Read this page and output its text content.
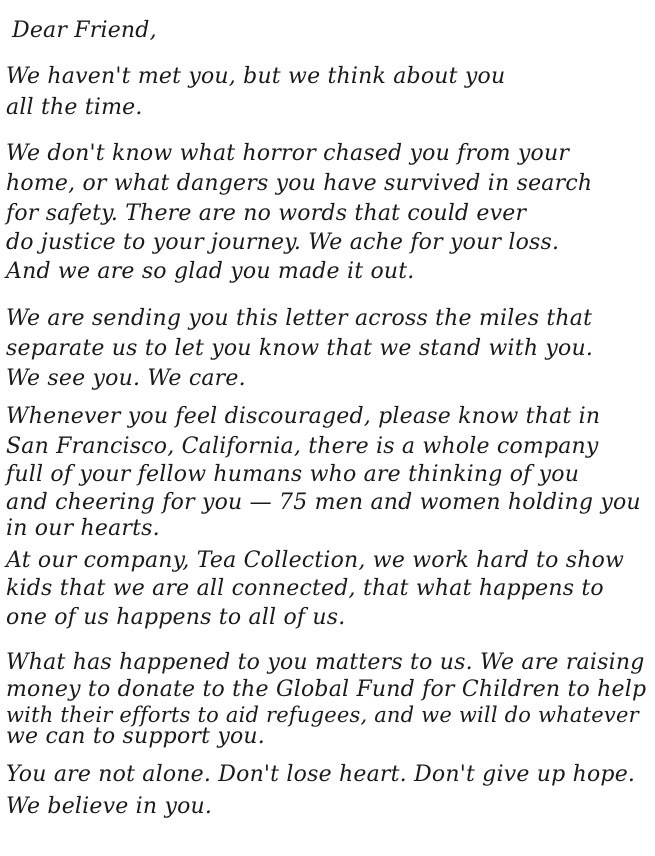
Dear Friend,
We haven't met you, but we think about you
all the time.
We don't know what horror chased you from your
home, or what dangers you have survived in search
for safety. There are no words that could ever
do justice to your journey. We ache for your loss.
And we are so glad you made it out.
We are sending you this letter across the miles that
separate us to let you know that we stand with you.
We see you. We care.
Whenever you feel discouraged, please know that in
San Francisco, California, there is a whole company
full of your fellow humans who are thinking of you
and cheering for you — 75 men and women holding you
in our hearts.
At our company, Tea Collection, we work hard to show
kids that we are all connected, that what happens to
one of us happens to all of us.
What has happened to you matters to us. We are raising
money to donate to the Global Fund for Children to help
with their efforts to aid refugees, and we will do whatever
we can to support you.
You are not alone. Don't lose heart. Don't give up hope.
We believe in you.
